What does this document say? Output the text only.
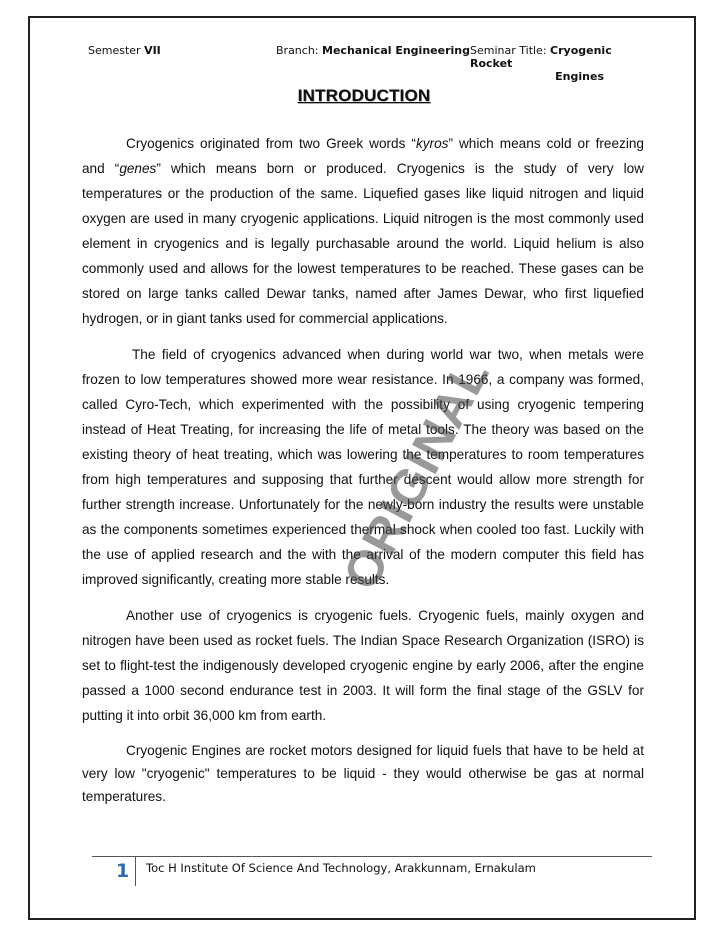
Semester VII	Branch: Mechanical Engineering Seminar Title: Cryogenic Rocket
Engines
INTRODUCTION

Cryogenics originated from two Greek words “kyros” which means cold or freezing and “genes” which means born or produced. Cryogenics is the study of very low temperatures or the production of the same. Liquefied gases like liquid nitrogen and liquid oxygen are used in many cryogenic applications. Liquid nitrogen is the most commonly used element in cryogenics and is legally purchasable around the world. Liquid helium is also commonly used and allows for the lowest temperatures to be reached. These gases can be stored on large tanks called Dewar tanks, named after James Dewar, who first liquefied hydrogen, or in giant tanks used for commercial applications.

The field of cryogenics advanced when during world war two, when metals were frozen to low temperatures showed more wear resistance. In 1966, a company was formed, called Cyro-Tech, which experimented with the possibility of using cryogenic tempering instead of Heat Treating, for increasing the life of metal tools. The theory was based on the existing theory of heat treating, which was lowering the temperatures to room temperatures from high temperatures and supposing that further descent would allow more strength for further strength increase. Unfortunately for the newly-born industry the results were unstable as the components sometimes experienced thermal shock when cooled too fast. Luckily with the use of applied research and the with the arrival of the modern computer this field has improved significantly, creating more stable results.

Another use of cryogenics is cryogenic fuels. Cryogenic fuels, mainly oxygen and nitrogen have been used as rocket fuels. The Indian Space Research Organization (ISRO) is set to flight-test the indigenously developed cryogenic engine by early 2006, after the engine passed a 1000 second endurance test in 2003. It will form the final stage of the GSLV for putting it into orbit 36,000 km from earth.

Cryogenic Engines are rocket motors designed for liquid fuels that have to be held at very low "cryogenic" temperatures to be liquid - they would otherwise be gas at normal temperatures.

ORIGINAL
1 Toc H Institute Of Science And Technology, Arakkunnam, Ernakulam
